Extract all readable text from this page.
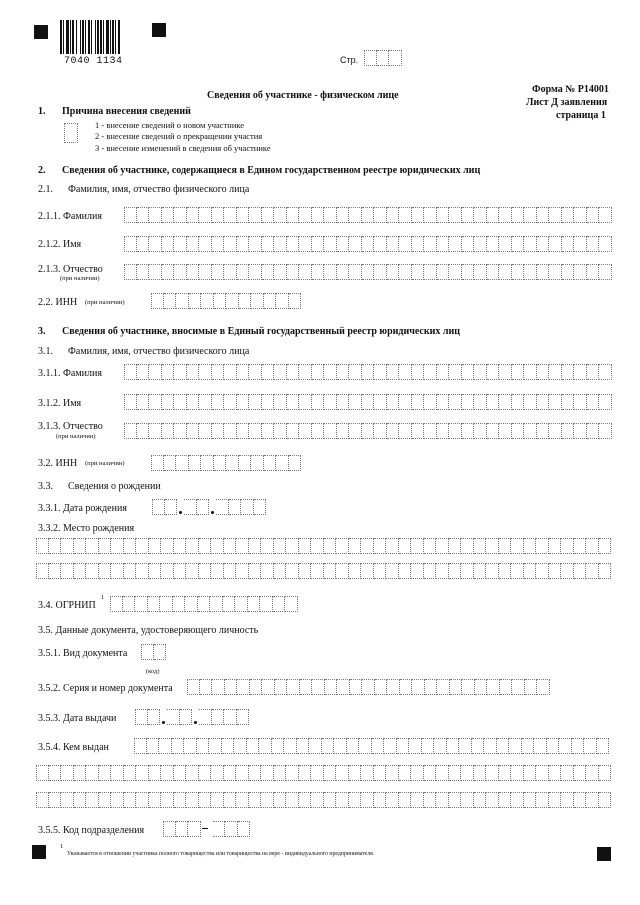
7040 1134	Стр.
Форма № Р14001
Лист Д заявления
страница 1
Сведения об участнике - физическом лице
1. Причина внесения сведений
1 - внесение сведений о новом участнике
2 - внесение сведений о прекращении участия
3 - внесение изменений в сведения об участнике
2. Сведения об участнике, содержащиеся в Едином государственном реестре юридических лиц
2.1. Фамилия, имя, отчество физического лица
2.1.1. Фамилия
2.1.2. Имя
2.1.3. Отчество
(при наличии)
2.2. ИНН (при наличии)
3. Сведения об участнике, вносимые в Единый государственный реестр юридических лиц
3.1. Фамилия, имя, отчество физического лица
3.1.1. Фамилия
3.1.2. Имя
3.1.3. Отчество
(при наличии)
3.2. ИНН (при наличии)
3.3. Сведения о рождении
3.3.1. Дата рождения
3.3.2. Место рождения
3.4. ОГРНИП
1
3.5. Данные документа, удостоверяющего личность
3.5.1. Вид документа
(код)
3.5.2. Серия и номер документа
3.5.3. Дата выдачи
3.5.4. Кем выдан
3.5.5. Код подразделения
1
Указывается в отношении участника полного товарищества или товарищества на вере - индивидуального предпринимателя.
